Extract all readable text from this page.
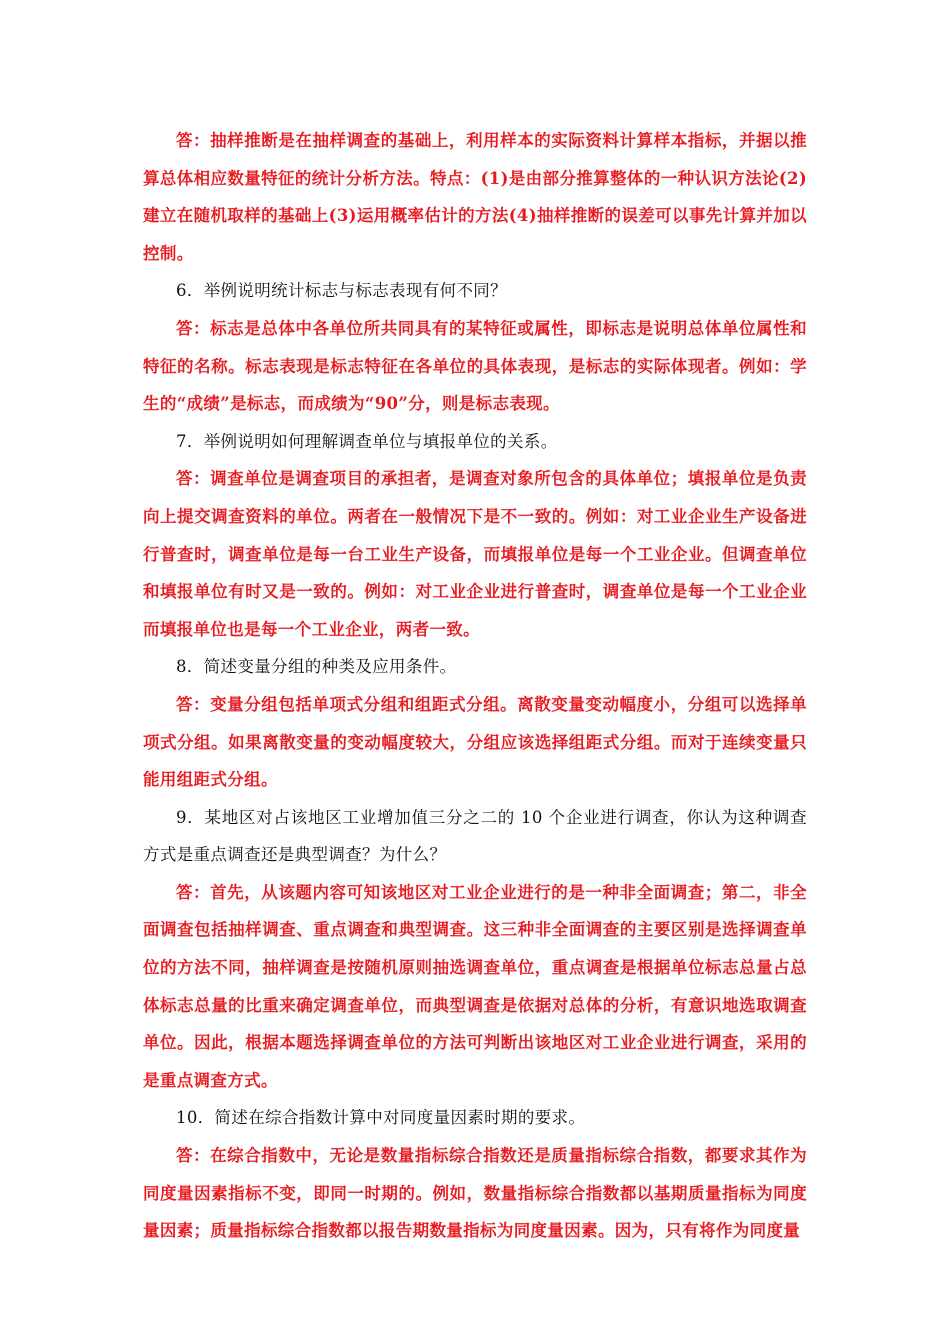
答：抽样推断是在抽样调查的基础上，利用样本的实际资料计算样本指标，并据以推算总体相应数量特征的统计分析方法。特点：(1)是由部分推算整体的一种认识方法论(2)建立在随机取样的基础上(3)运用概率估计的方法(4)抽样推断的误差可以事先计算并加以控制。

6．举例说明统计标志与标志表现有何不同？

答：标志是总体中各单位所共同具有的某特征或属性，即标志是说明总体单位属性和特征的名称。标志表现是标志特征在各单位的具体表现，是标志的实际体现者。例如：学生的“成绩”是标志，而成绩为“90”分，则是标志表现。

7．举例说明如何理解调查单位与填报单位的关系。

答：调查单位是调查项目的承担者，是调查对象所包含的具体单位；填报单位是负责向上提交调查资料的单位。两者在一般情况下是不一致的。例如：对工业企业生产设备进行普查时，调查单位是每一台工业生产设备，而填报单位是每一个工业企业。但调查单位和填报单位有时又是一致的。例如：对工业企业进行普查时，调查单位是每一个工业企业而填报单位也是每一个工业企业，两者一致。

8．简述变量分组的种类及应用条件。

答：变量分组包括单项式分组和组距式分组。离散变量变动幅度小，分组可以选择单项式分组。如果离散变量的变动幅度较大，分组应该选择组距式分组。而对于连续变量只能用组距式分组。

9．某地区对占该地区工业增加值三分之二的 10 个企业进行调查，你认为这种调查方式是重点调查还是典型调查？为什么？

答：首先，从该题内容可知该地区对工业企业进行的是一种非全面调查；第二，非全面调查包括抽样调查、重点调查和典型调查。这三种非全面调查的主要区别是选择调查单位的方法不同，抽样调查是按随机原则抽选调查单位，重点调查是根据单位标志总量占总体标志总量的比重来确定调查单位，而典型调查是依据对总体的分析，有意识地选取调查单位。因此，根据本题选择调查单位的方法可判断出该地区对工业企业进行调查，采用的是重点调查方式。

10．简述在综合指数计算中对同度量因素时期的要求。

答：在综合指数中，无论是数量指标综合指数还是质量指标综合指数，都要求其作为同度量因素指标不变，即同一时期的。例如，数量指标综合指数都以基期质量指标为同度量因素；质量指标综合指数都以报告期数量指标为同度量因素。因为，只有将作为同度量
